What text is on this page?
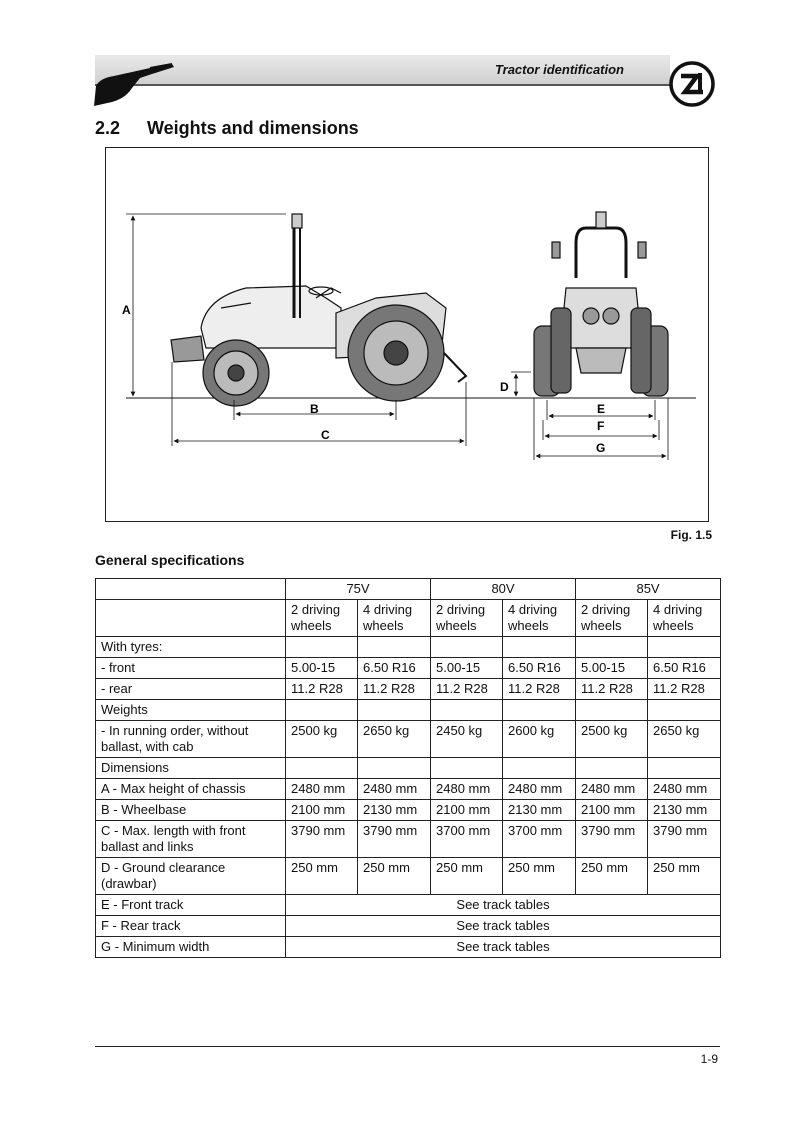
Tractor identification
2.2 Weights and dimensions
A
B
C
D
E
F
G
Fig. 1.5
General specifications
	75V		80V		85V	
	2 driving wheels	4 driving wheels	2 driving wheels	4 driving wheels	2 driving wheels	4 driving wheels
With tyres:						
- front	5.00-15	6.50 R16	5.00-15	6.50 R16	5.00-15	6.50 R16
- rear	11.2 R28	11.2 R28	11.2 R28	11.2 R28	11.2 R28	11.2 R28
Weights						
- In running order, without ballast, with cab	2500 kg	2650 kg	2450 kg	2600 kg	2500 kg	2650 kg
Dimensions						
A - Max height of chassis	2480 mm	2480 mm	2480 mm	2480 mm	2480 mm	2480 mm
B - Wheelbase	2100 mm	2130 mm	2100 mm	2130 mm	2100 mm	2130 mm
C - Max. length with front ballast and links	3790 mm	3790 mm	3700 mm	3700 mm	3790 mm	3790 mm
D - Ground clearance (drawbar)	250 mm	250 mm	250 mm	250 mm	250 mm	250 mm
E - Front track	See track tables					
F - Rear track	See track tables					
G - Minimum width	See track tables					
1-9
